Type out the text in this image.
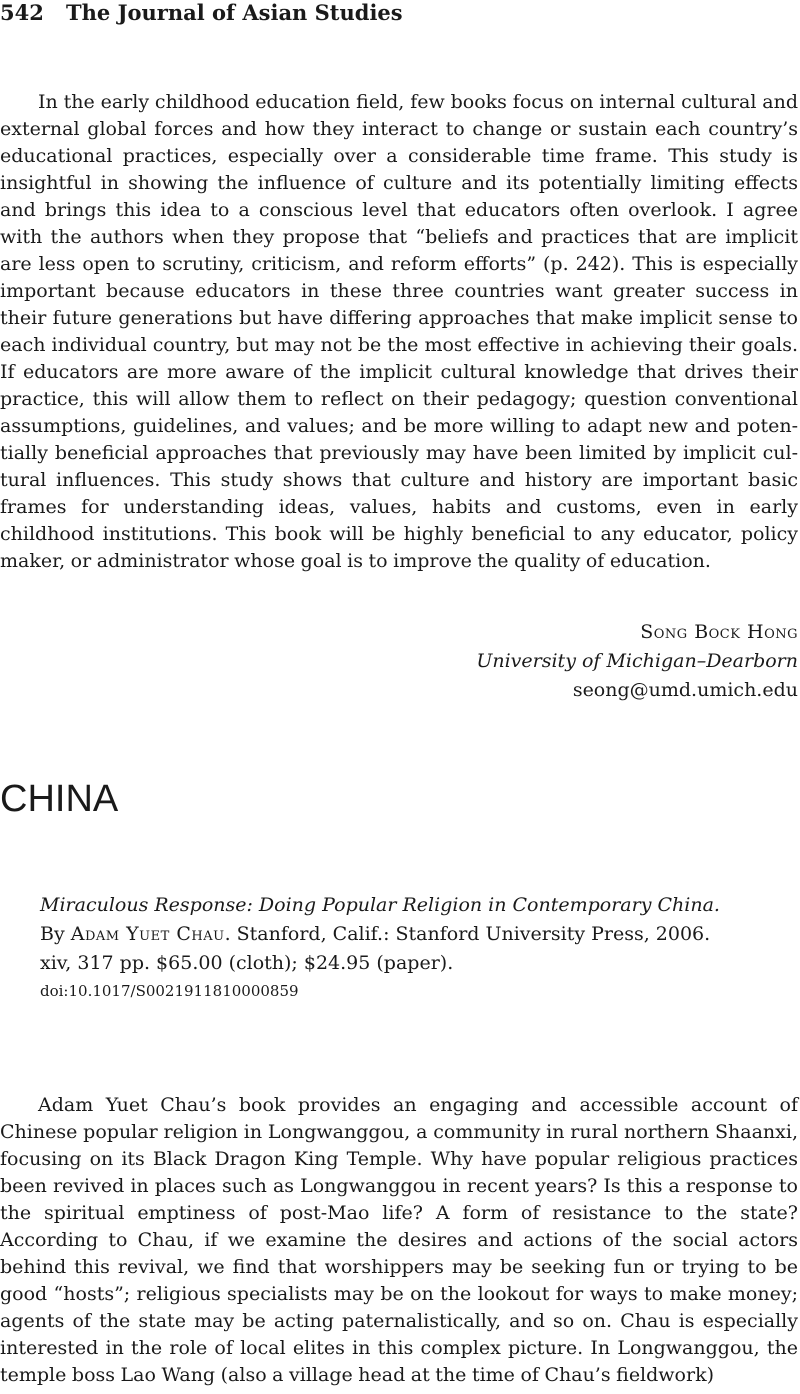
542 The Journal of Asian Studies

In the early childhood education field, few books focus on internal cultural and external global forces and how they interact to change or sustain each country’s educational practices, especially over a considerable time frame. This study is insightful in showing the influence of culture and its potentially limiting effects and brings this idea to a conscious level that educators often overlook. I agree with the authors when they propose that “beliefs and practices that are implicit are less open to scrutiny, criticism, and reform efforts” (p. 242). This is especially important because educators in these three countries want greater success in their future generations but have differing approaches that make implicit sense to each individual country, but may not be the most effective in achieving their goals. If educators are more aware of the implicit cultural knowledge that drives their practice, this will allow them to reflect on their pedagogy; question conventional assumptions, guidelines, and values; and be more willing to adapt new and potentially beneficial approaches that previously may have been limited by implicit cultural influences. This study shows that culture and history are important basic frames for understanding ideas, values, habits and customs, even in early childhood institutions. This book will be highly beneficial to any educator, policy maker, or administrator whose goal is to improve the quality of education.

Song Bock Hong
University of Michigan–Dearborn
seong@umd.umich.edu
CHINA
Miraculous Response: Doing Popular Religion in Contemporary China.
By Adam Yuet Chau. Stanford, Calif.: Stanford University Press, 2006.
xiv, 317 pp. $65.00 (cloth); $24.95 (paper).
doi:10.1017/S0021911810000859

Adam Yuet Chau’s book provides an engaging and accessible account of Chinese popular religion in Longwanggou, a community in rural northern Shaanxi, focusing on its Black Dragon King Temple. Why have popular religious practices been revived in places such as Longwanggou in recent years? Is this a response to the spiritual emptiness of post-Mao life? A form of resistance to the state? According to Chau, if we examine the desires and actions of the social actors behind this revival, we find that worshippers may be seeking fun or trying to be good “hosts”; religious specialists may be on the lookout for ways to make money; agents of the state may be acting paternalistically, and so on. Chau is especially interested in the role of local elites in this complex picture. In Longwanggou, the temple boss Lao Wang (also a village head at the time of Chau’s fieldwork)
